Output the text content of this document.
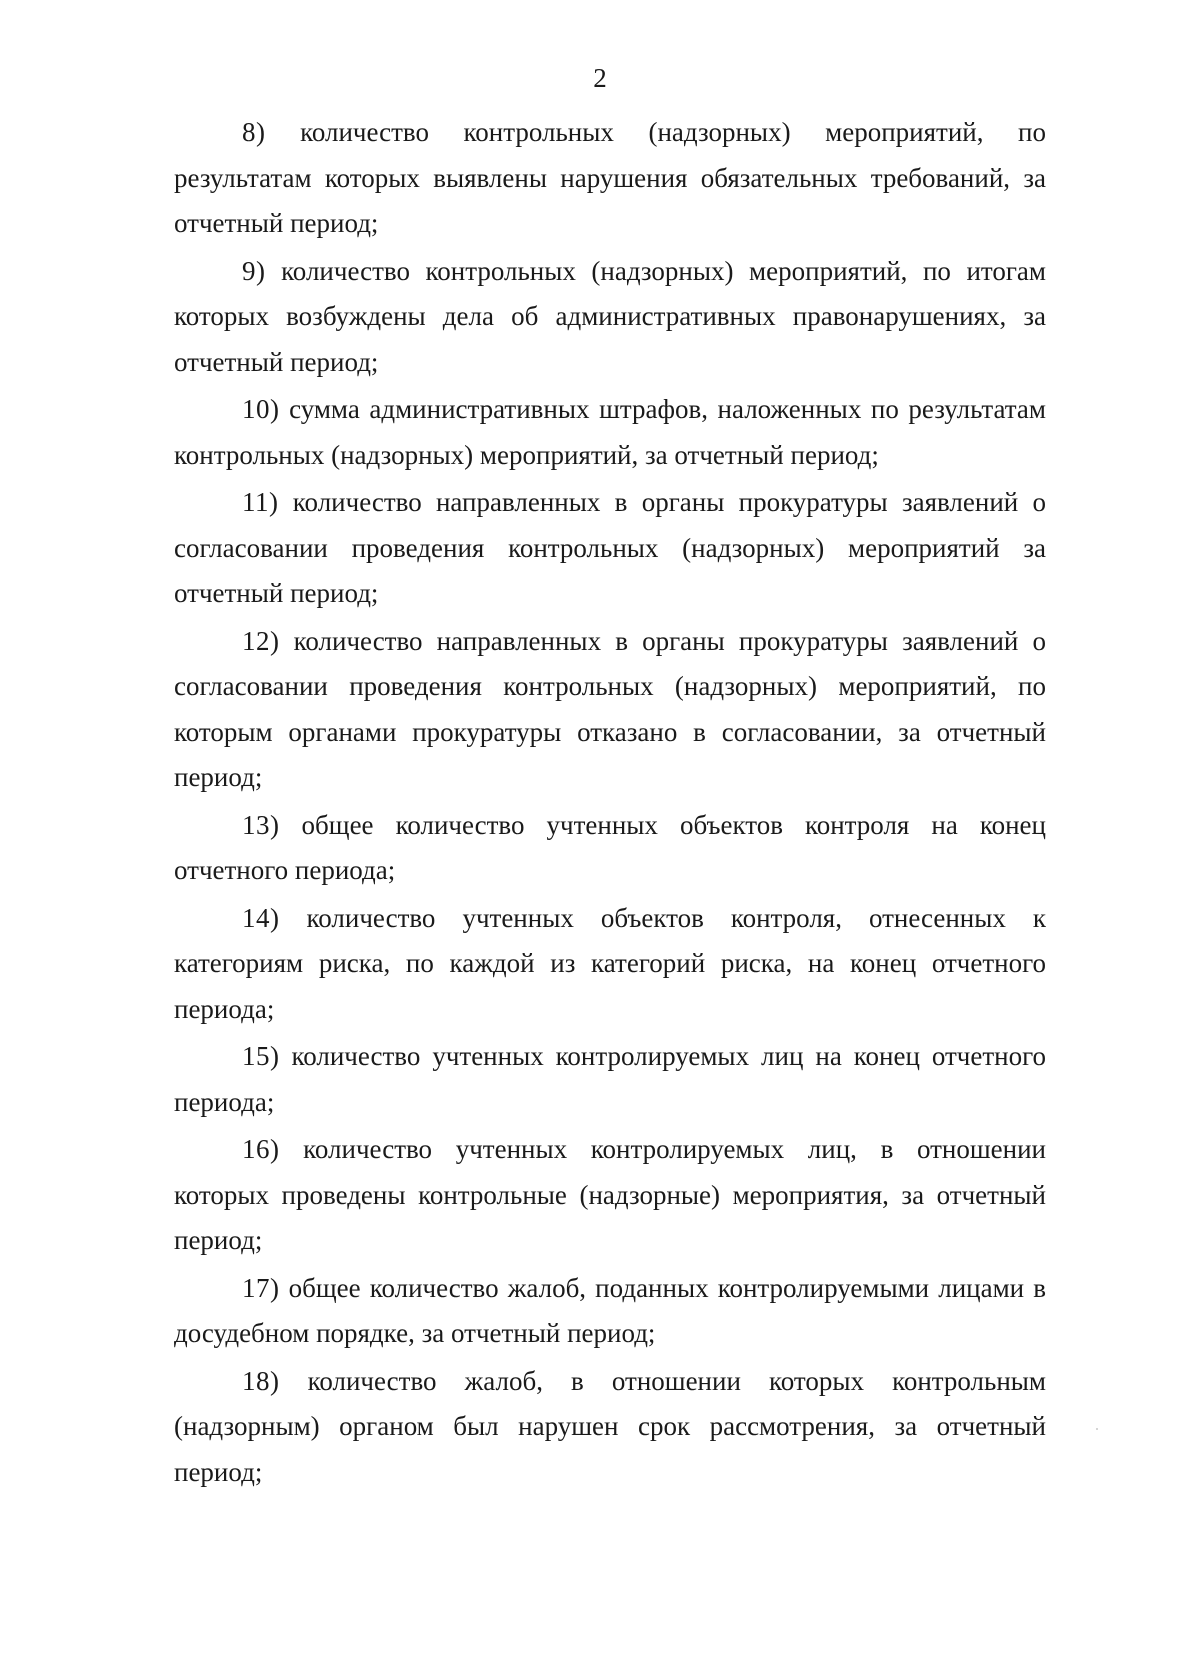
2

8) количество контрольных (надзорных) мероприятий, по результатам которых выявлены нарушения обязательных требований, за отчетный период;

9) количество контрольных (надзорных) мероприятий, по итогам которых возбуждены дела об административных правонарушениях, за отчетный период;

10) сумма административных штрафов, наложенных по результатам контрольных (надзорных) мероприятий, за отчетный период;

11) количество направленных в органы прокуратуры заявлений о согласовании проведения контрольных (надзорных) мероприятий за отчетный период;

12) количество направленных в органы прокуратуры заявлений о согласовании проведения контрольных (надзорных) мероприятий, по которым органами прокуратуры отказано в согласовании, за отчетный период;

13) общее количество учтенных объектов контроля на конец отчетного периода;

14) количество учтенных объектов контроля, отнесенных к категориям риска, по каждой из категорий риска, на конец отчетного периода;

15) количество учтенных контролируемых лиц на конец отчетного периода;

16) количество учтенных контролируемых лиц, в отношении которых проведены контрольные (надзорные) мероприятия, за отчетный период;

17) общее количество жалоб, поданных контролируемыми лицами в досудебном порядке, за отчетный период;

18) количество жалоб, в отношении которых контрольным (надзорным) органом был нарушен срок рассмотрения, за отчетный период;
